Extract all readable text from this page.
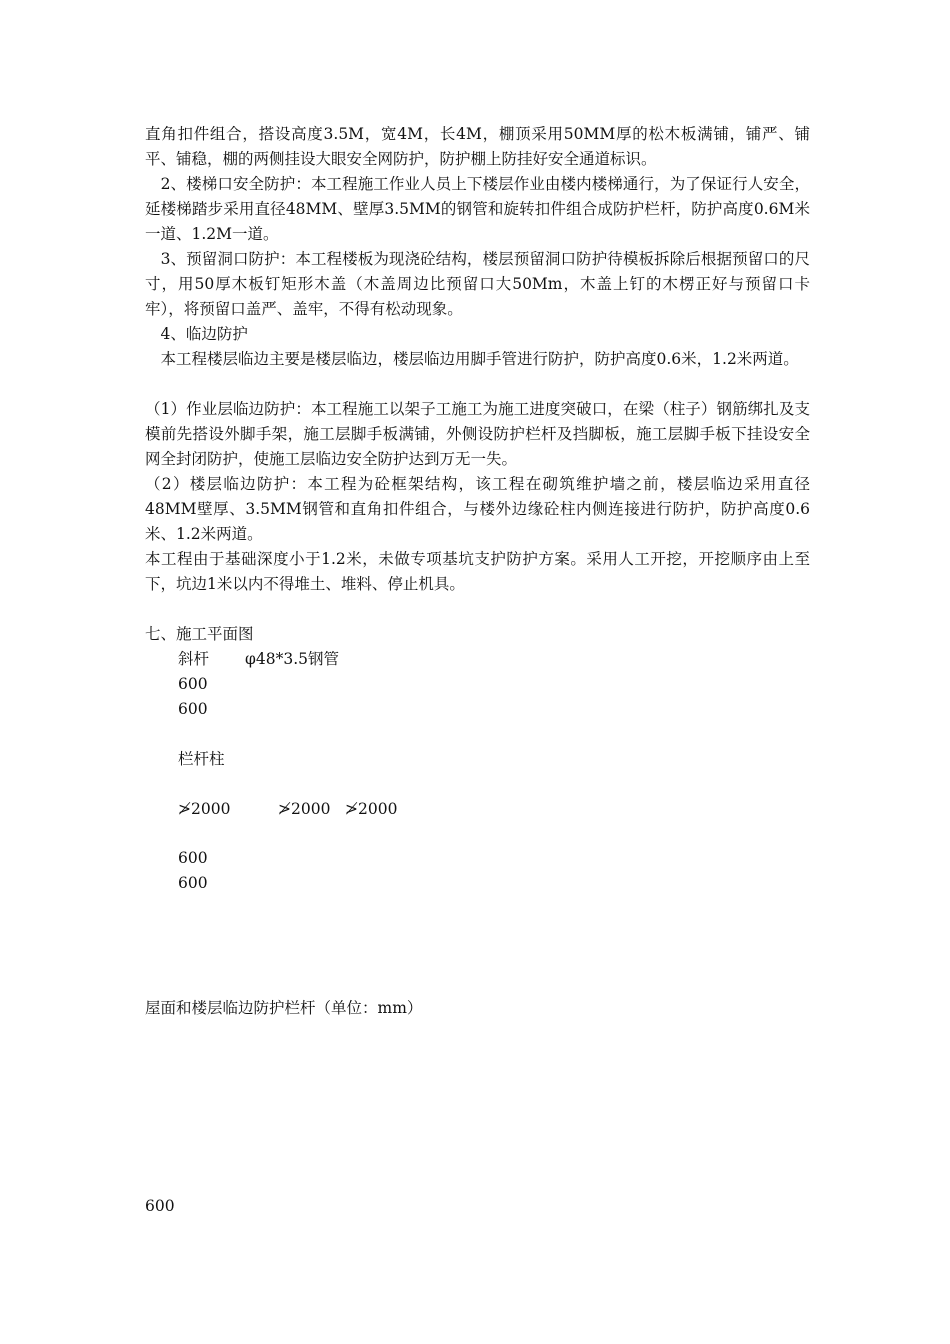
直角扣件组合，搭设高度3.5M，宽4M，长4M，棚顶采用50MM厚的松木板满铺，铺严、铺平、铺稳，棚的两侧挂设大眼安全网防护，防护棚上防挂好安全通道标识。

　2、楼梯口安全防护：本工程施工作业人员上下楼层作业由楼内楼梯通行，为了保证行人安全，延楼梯踏步采用直径48MM、壁厚3.5MM的钢管和旋转扣件组合成防护栏杆，防护高度0.6M米一道、1.2M一道。

　3、预留洞口防护：本工程楼板为现浇砼结构，楼层预留洞口防护待模板拆除后根据预留口的尺寸，用50厚木板钉矩形木盖（木盖周边比预留口大50Mm，木盖上钉的木楞正好与预留口卡牢），将预留口盖严、盖牢，不得有松动现象。

　4、临边防护

　本工程楼层临边主要是楼层临边，楼层临边用脚手管进行防护，防护高度0.6米，1.2米两道。

（1）作业层临边防护：本工程施工以架子工施工为施工进度突破口，在梁（柱子）钢筋绑扎及支模前先搭设外脚手架，施工层脚手板满铺，外侧设防护栏杆及挡脚板，施工层脚手板下挂设安全网全封闭防护，使施工层临边安全防护达到万无一失。

（2）楼层临边防护：本工程为砼框架结构，该工程在砌筑维护墙之前，楼层临边采用直径48MM壁厚、3.5MM钢管和直角扣件组合，与楼外边缘砼柱内侧连接进行防护，防护高度0.6米、1.2米两道。

本工程由于基础深度小于1.2米，未做专项基坑支护防护方案。采用人工开挖，开挖顺序由上至下，坑边1米以内不得堆土、堆料、停止机具。

七、施工平面图
斜杆 φ48*3.5钢管
600
600
栏杆柱
≯2000	≯2000 ≯2000
600
600
屋面和楼层临边防护栏杆（单位：mm）
600
